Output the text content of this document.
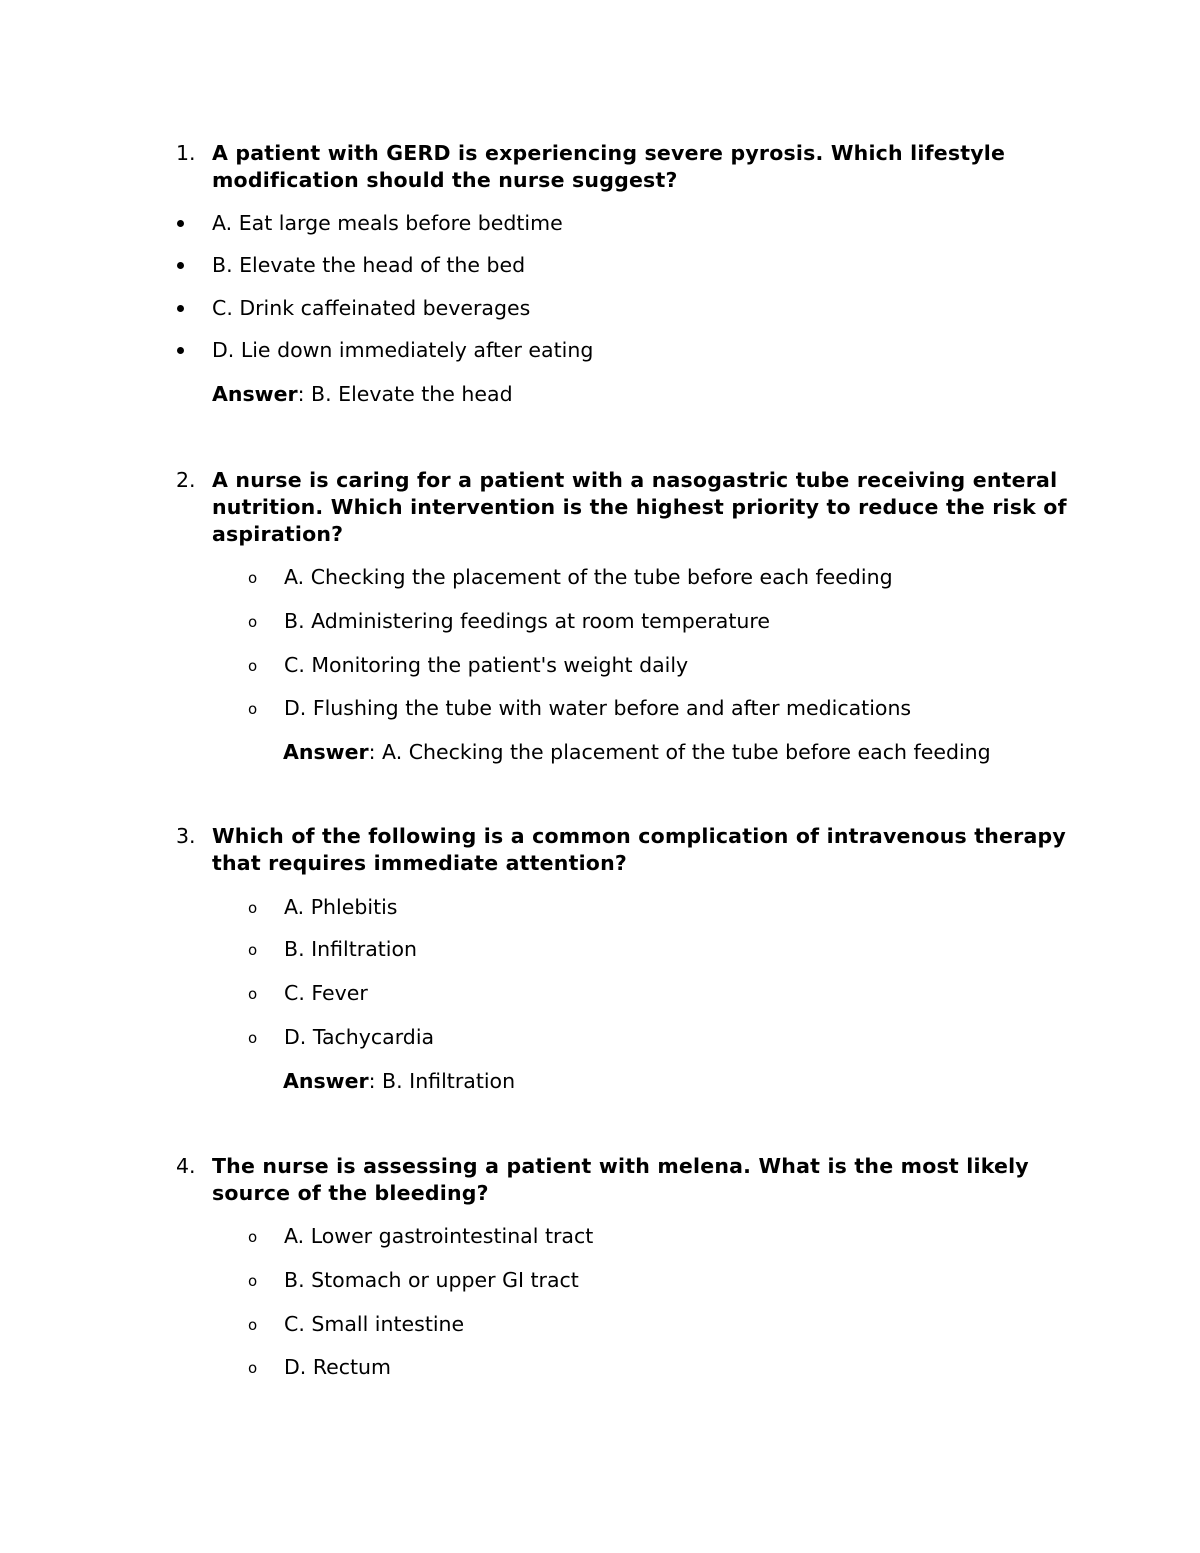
1. A patient with GERD is experiencing severe pyrosis. Which lifestyle modification should the nurse suggest?
A. Eat large meals before bedtime
B. Elevate the head of the bed
C. Drink caffeinated beverages
D. Lie down immediately after eating
Answer: B. Elevate the head
2. A nurse is caring for a patient with a nasogastric tube receiving enteral nutrition. Which intervention is the highest priority to reduce the risk of aspiration?
o	A. Checking the placement of the tube before each feeding
o	B. Administering feedings at room temperature
o	C. Monitoring the patient's weight daily
o	D. Flushing the tube with water before and after medications
Answer: A. Checking the placement of the tube before each feeding
3. Which of the following is a common complication of intravenous therapy that requires immediate attention?
o	A. Phlebitis
o	B. Infiltration
o	C. Fever
o	D. Tachycardia
Answer: B. Infiltration
4. The nurse is assessing a patient with melena. What is the most likely source of the bleeding?
o	A. Lower gastrointestinal tract
o	B. Stomach or upper GI tract
o	C. Small intestine
o	D. Rectum
